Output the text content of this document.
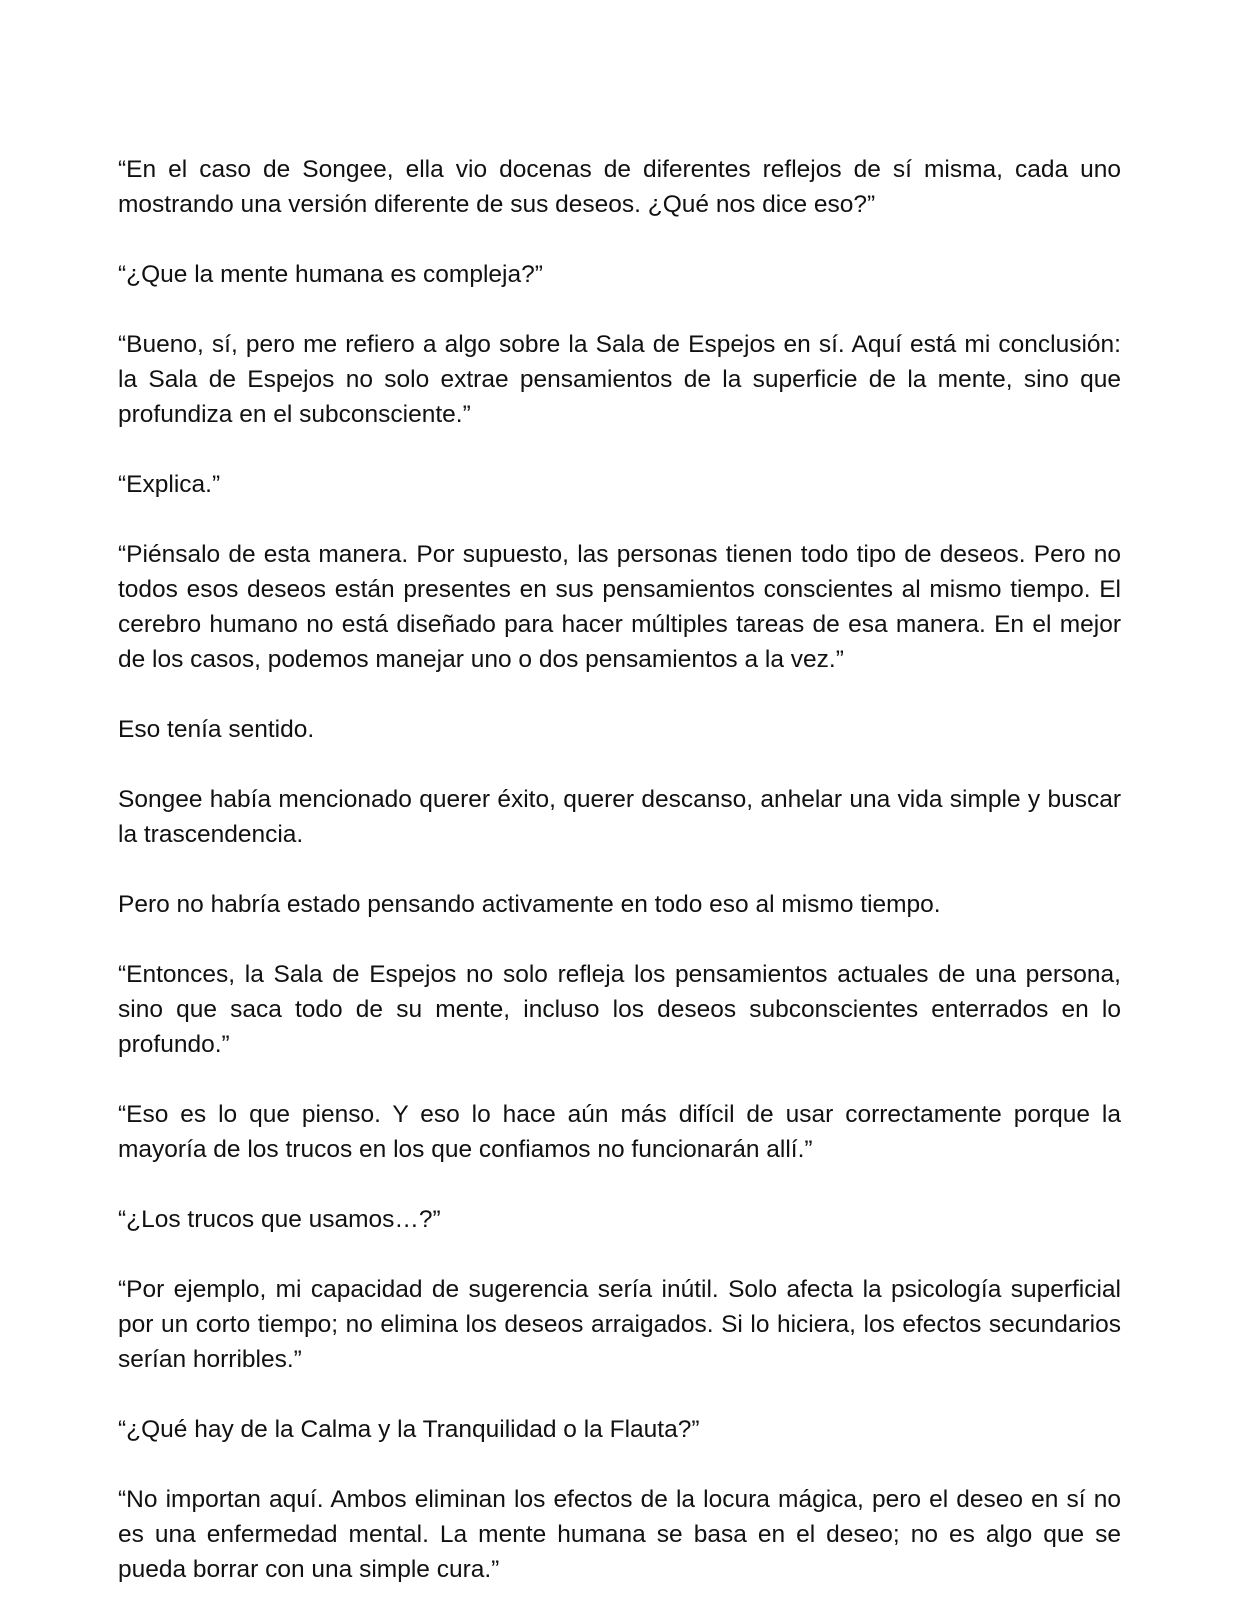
“En el caso de Songee, ella vio docenas de diferentes reflejos de sí misma, cada uno mostrando una versión diferente de sus deseos. ¿Qué nos dice eso?”

“¿Que la mente humana es compleja?”

“Bueno, sí, pero me refiero a algo sobre la Sala de Espejos en sí. Aquí está mi conclusión: la Sala de Espejos no solo extrae pensamientos de la superficie de la mente, sino que profundiza en el subconsciente.”

“Explica.”

“Piénsalo de esta manera. Por supuesto, las personas tienen todo tipo de deseos. Pero no todos esos deseos están presentes en sus pensamientos conscientes al mismo tiempo. El cerebro humano no está diseñado para hacer múltiples tareas de esa manera. En el mejor de los casos, podemos manejar uno o dos pensamientos a la vez.”

Eso tenía sentido.

Songee había mencionado querer éxito, querer descanso, anhelar una vida simple y buscar la trascendencia.

Pero no habría estado pensando activamente en todo eso al mismo tiempo.

“Entonces, la Sala de Espejos no solo refleja los pensamientos actuales de una persona, sino que saca todo de su mente, incluso los deseos subconscientes enterrados en lo profundo.”

“Eso es lo que pienso. Y eso lo hace aún más difícil de usar correctamente porque la mayoría de los trucos en los que confiamos no funcionarán allí.”

“¿Los trucos que usamos…?”

“Por ejemplo, mi capacidad de sugerencia sería inútil. Solo afecta la psicología superficial por un corto tiempo; no elimina los deseos arraigados. Si lo hiciera, los efectos secundarios serían horribles.”

“¿Qué hay de la Calma y la Tranquilidad o la Flauta?”

“No importan aquí. Ambos eliminan los efectos de la locura mágica, pero el deseo en sí no es una enfermedad mental. La mente humana se basa en el deseo; no es algo que se pueda borrar con una simple cura.”
